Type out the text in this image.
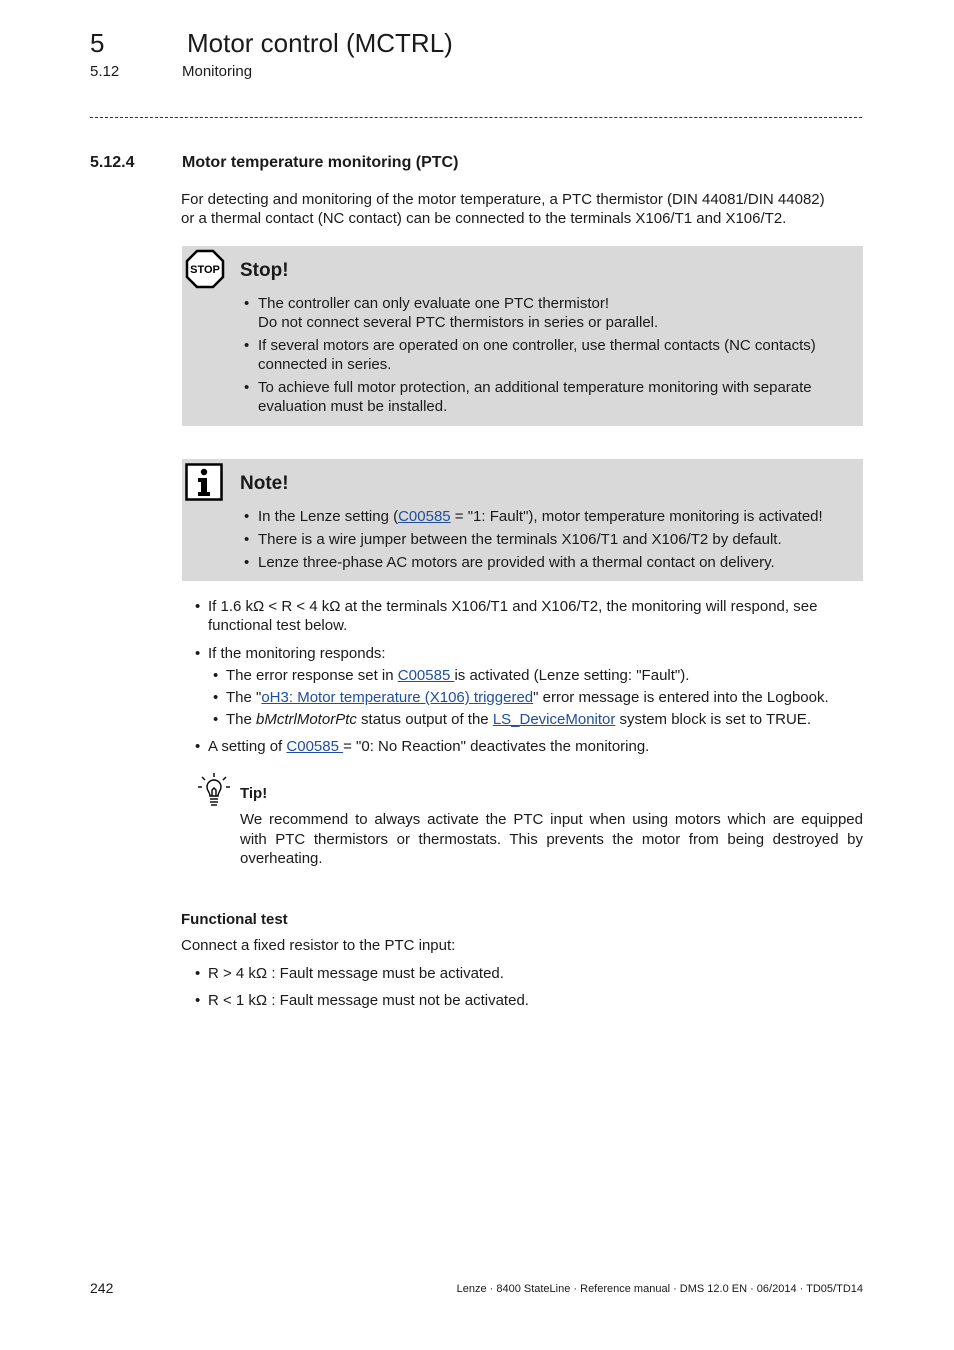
5	Motor control (MCTRL)
5.12	Monitoring
5.12.4	Motor temperature monitoring (PTC)
For detecting and monitoring of the motor temperature, a PTC thermistor (DIN 44081/DIN 44082)
or a thermal contact (NC contact) can be connected to the terminals X106/T1 and X106/T2.
STOP Stop!
• The controller can only evaluate one PTC thermistor!
Do not connect several PTC thermistors in series or parallel.
• If several motors are operated on one controller, use thermal contacts (NC contacts)
connected in series.
• To achieve full motor protection, an additional temperature monitoring with separate
evaluation must be installed.
Note!
• In the Lenze setting (C00585 = "1: Fault"), motor temperature monitoring is activated!
• There is a wire jumper between the terminals X106/T1 and X106/T2 by default.
• Lenze three-phase AC motors are provided with a thermal contact on delivery.
• If 1.6 kΩ < R < 4 kΩ at the terminals X106/T1 and X106/T2, the monitoring will respond, see
functional test below.
• If the monitoring responds:
• The error response set in C00585 is activated (Lenze setting: "Fault").
• The "oH3: Motor temperature (X106) triggered" error message is entered into the Logbook.
• The bMctrlMotorPtc status output of the LS_DeviceMonitor system block is set to TRUE.
• A setting of C00585 = "0: No Reaction" deactivates the monitoring.
Tip!
We recommend to always activate the PTC input when using motors which are equipped
with PTC thermistors or thermostats. This prevents the motor from being destroyed by
overheating.
Functional test
Connect a fixed resistor to the PTC input:
• R > 4 kΩ : Fault message must be activated.
• R < 1 kΩ : Fault message must not be activated.
242	Lenze · 8400 StateLine · Reference manual · DMS 12.0 EN · 06/2014 · TD05/TD14
